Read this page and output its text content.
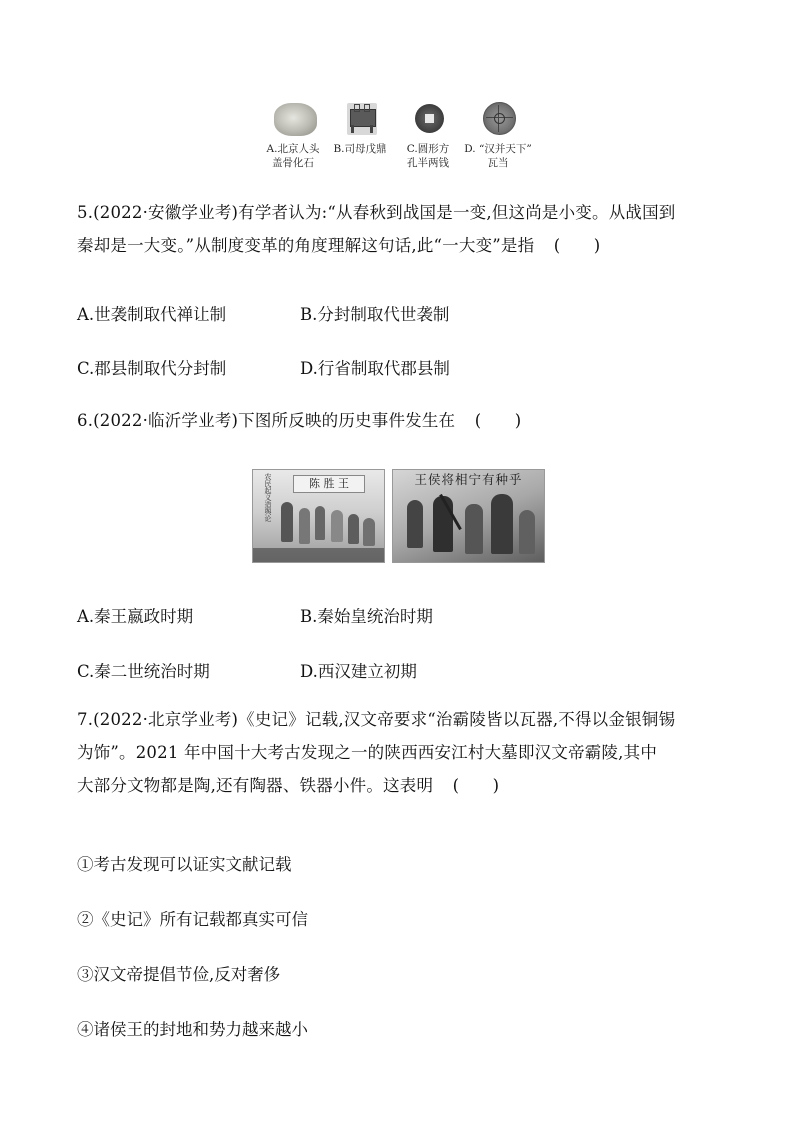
A.北京人头
盖骨化石
B.司母戊鼎	C.圆形方
孔半两钱
D. “汉并天下”
瓦当
5.(2022·安徽学业考)有学者认为:“从春秋到战国是一变,但这尚是小变。从战国到
秦却是一大变。”从制度变革的角度理解这句话,此“一大变”是指 (　　)
A.世袭制取代禅让制	B.分封制取代世袭制
C.郡县制取代分封制	D.行省制取代郡县制
6.(2022·临沂学业考)下图所反映的历史事件发生在 (　　)
农民起义造舆论	陈 胜 王	王侯将相宁有种乎
A.秦王嬴政时期	B.秦始皇统治时期
C.秦二世统治时期	D.西汉建立初期
7.(2022·北京学业考)《史记》记载,汉文帝要求“治霸陵皆以瓦器,不得以金银铜锡
为饰”。2021 年中国十大考古发现之一的陕西西安江村大墓即汉文帝霸陵,其中
大部分文物都是陶,还有陶器、铁器小件。这表明 (　　)
①考古发现可以证实文献记载
②《史记》所有记载都真实可信
③汉文帝提倡节俭,反对奢侈
④诸侯王的封地和势力越来越小
